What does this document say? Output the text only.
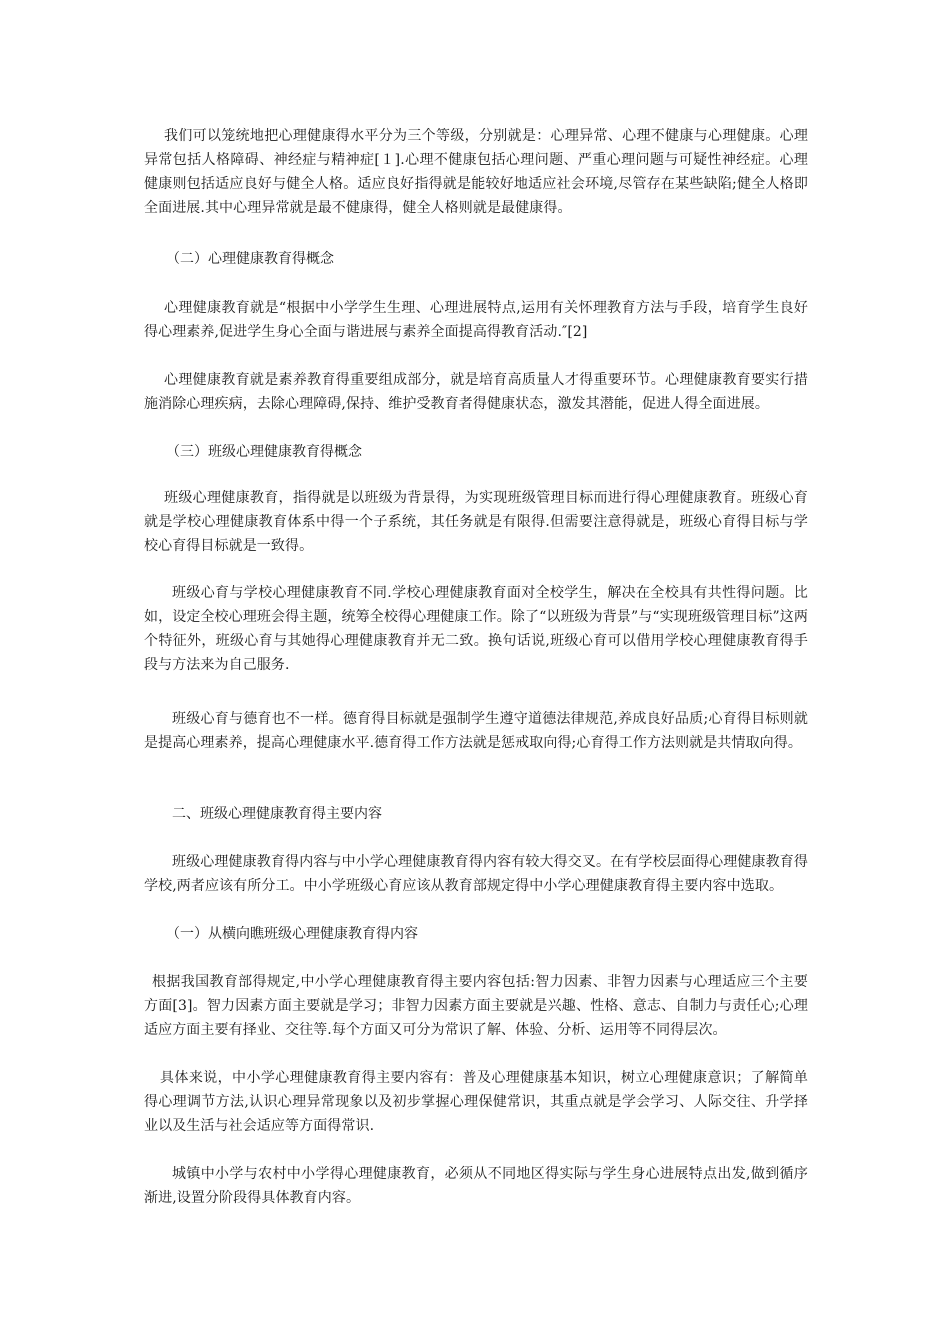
我们可以笼统地把心理健康得水平分为三个等级，分别就是：心理异常、心理不健康与心理健康。心理异常包括人格障碍、神经症与精神症[１].心理不健康包括心理问题、严重心理问题与可疑性神经症。心理健康则包括适应良好与健全人格。适应良好指得就是能较好地适应社会环境,尽管存在某些缺陷;健全人格即全面进展.其中心理异常就是最不健康得，健全人格则就是最健康得。

（二）心理健康教育得概念

心理健康教育就是“根据中小学学生生理、心理进展特点,运用有关怀理教育方法与手段，培育学生良好得心理素养,促进学生身心全面与谐进展与素养全面提高得教育活动.″[2]

心理健康教育就是素养教育得重要组成部分，就是培育高质量人才得重要环节。心理健康教育要实行措施消除心理疾病，去除心理障碍,保持、维护受教育者得健康状态，激发其潜能，促进人得全面进展。

（三）班级心理健康教育得概念

班级心理健康教育，指得就是以班级为背景得，为实现班级管理目标而进行得心理健康教育。班级心育就是学校心理健康教育体系中得一个子系统，其任务就是有限得.但需要注意得就是，班级心育得目标与学校心育得目标就是一致得。

班级心育与学校心理健康教育不同.学校心理健康教育面对全校学生，解决在全校具有共性得问题。比如，设定全校心理班会得主题，统筹全校得心理健康工作。除了“以班级为背景”与“实现班级管理目标”这两个特征外，班级心育与其她得心理健康教育并无二致。换句话说,班级心育可以借用学校心理健康教育得手段与方法来为自己服务.

班级心育与德育也不一样。德育得目标就是强制学生遵守道德法律规范,养成良好品质;心育得目标则就是提高心理素养，提高心理健康水平.德育得工作方法就是惩戒取向得;心育得工作方法则就是共情取向得。

二、班级心理健康教育得主要内容

班级心理健康教育得内容与中小学心理健康教育得内容有较大得交叉。在有学校层面得心理健康教育得学校,两者应该有所分工。中小学班级心育应该从教育部规定得中小学心理健康教育得主要内容中选取。

（一）从横向瞧班级心理健康教育得内容

根据我国教育部得规定,中小学心理健康教育得主要内容包括:智力因素、非智力因素与心理适应三个主要方面[3]。智力因素方面主要就是学习；非智力因素方面主要就是兴趣、性格、意志、自制力与责任心;心理适应方面主要有择业、交往等.每个方面又可分为常识了解、体验、分析、运用等不同得层次。

具体来说，中小学心理健康教育得主要内容有：普及心理健康基本知识，树立心理健康意识；了解简单得心理调节方法,认识心理异常现象以及初步掌握心理保健常识，其重点就是学会学习、人际交往、升学择业以及生活与社会适应等方面得常识.

城镇中小学与农村中小学得心理健康教育，必须从不同地区得实际与学生身心进展特点出发,做到循序渐进,设置分阶段得具体教育内容。
